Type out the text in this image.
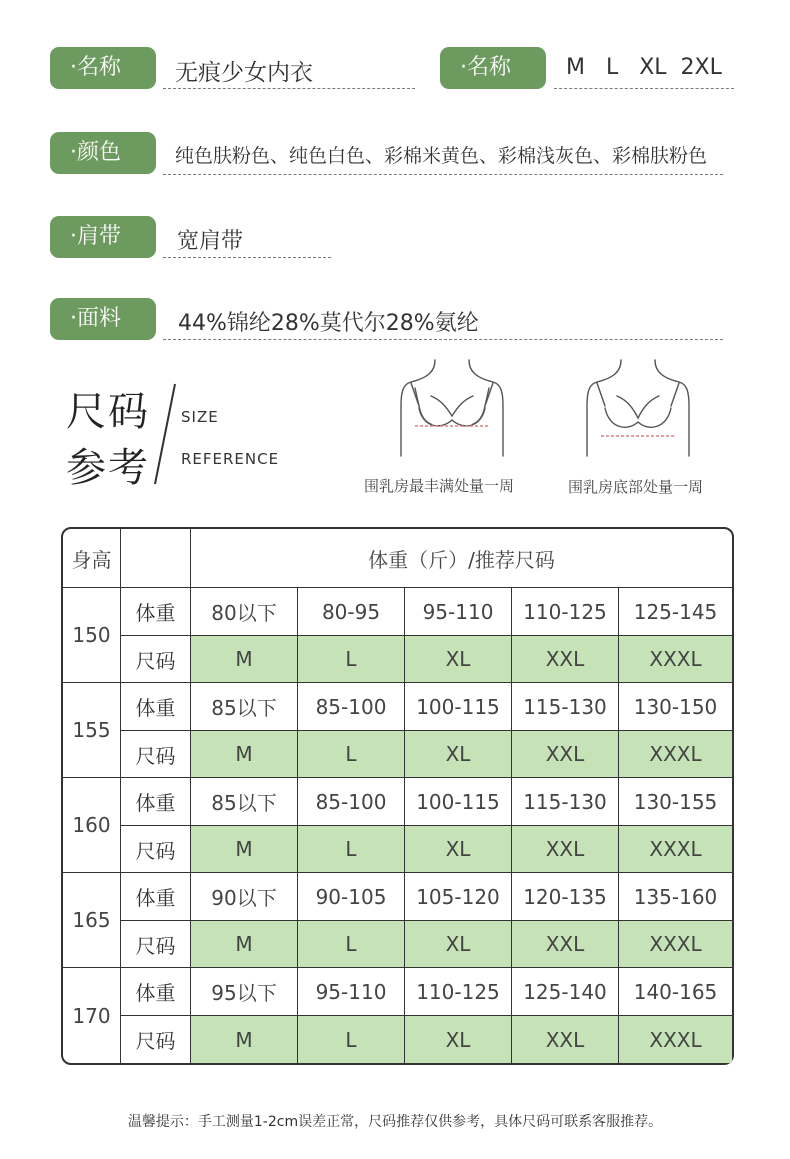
·名称	无痕少女内衣	·名称	M   L   XL  2XL
·颜色	纯色肤粉色、纯色白色、彩棉米黄色、彩棉浅灰色、彩棉肤粉色
·肩带	宽肩带
·面料	44%锦纶28%莫代尔28%氨纶
尺码
参考
SIZE
REFERENCE
围乳房最丰满处量一周	围乳房底部处量一周
身高		体重（斤）/推荐尺码				
150	体重	80以下	80-95	95-110	110-125	125-145
	尺码	M	L	XL	XXL	XXXL
155	体重	85以下	85-100	100-115	115-130	130-150
	尺码	M	L	XL	XXL	XXXL
160	体重	85以下	85-100	100-115	115-130	130-155
	尺码	M	L	XL	XXL	XXXL
165	体重	90以下	90-105	105-120	120-135	135-160
	尺码	M	L	XL	XXL	XXXL
170	体重	95以下	95-110	110-125	125-140	140-165
	尺码	M	L	XL	XXL	XXXL
温馨提示：手工测量1-2cm误差正常，尺码推荐仅供参考，具体尺码可联系客服推荐。
